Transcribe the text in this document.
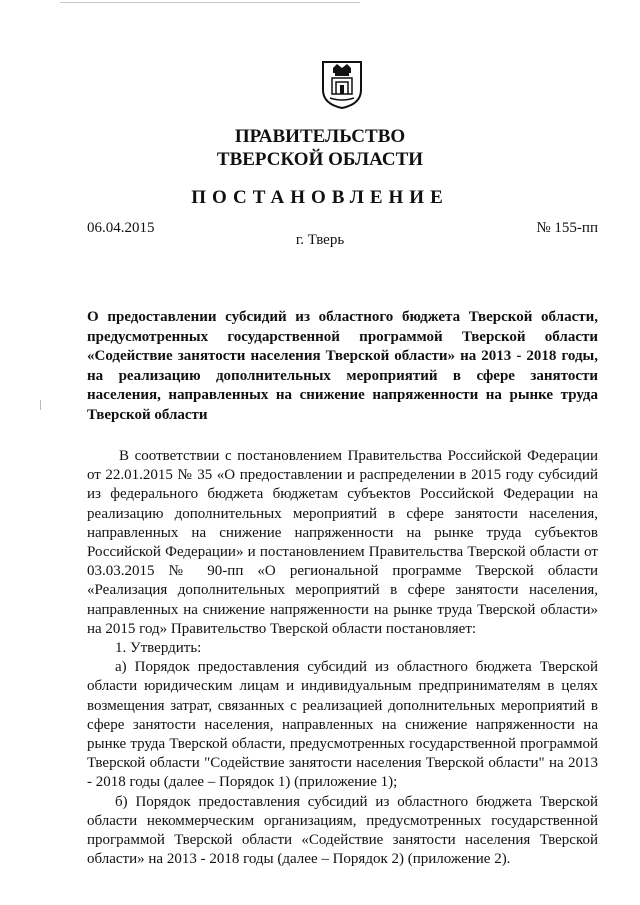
ПРАВИТЕЛЬСТВО
ТВЕРСКОЙ ОБЛАСТИ
ПОСТАНОВЛЕНИЕ
06.04.2015	№ 155-пп
г. Тверь
О предоставлении субсидий из областного бюджета Тверской области, предусмотренных государственной программой Тверской области «Содействие занятости населения Тверской области» на 2013 - 2018 годы, на реализацию дополнительных мероприятий в сфере занятости населения, направленных на снижение напряженности на рынке труда Тверской области

В соответствии с постановлением Правительства Российской Федерации от 22.01.2015 № 35 «О предоставлении и распределении в 2015 году субсидий из федерального бюджета бюджетам субъектов Российской Федерации на реализацию дополнительных мероприятий в сфере занятости населения, направленных на снижение напряженности на рынке труда субъектов Российской Федерации» и постановлением Правительства Тверской области от 03.03.2015 № 90-пп «О региональной программе Тверской области «Реализация дополнительных мероприятий в сфере занятости населения, направленных на снижение напряженности на рынке труда Тверской области» на 2015 год» Правительство Тверской области постановляет:

1. Утвердить:

а) Порядок предоставления субсидий из областного бюджета Тверской области юридическим лицам и индивидуальным предпринимателям в целях возмещения затрат, связанных с реализацией дополнительных мероприятий в сфере занятости населения, направленных на снижение напряженности на рынке труда Тверской области, предусмотренных государственной программой Тверской области "Содействие занятости населения Тверской области" на 2013 - 2018 годы (далее – Порядок 1) (приложение 1);

б) Порядок предоставления субсидий из областного бюджета Тверской области некоммерческим организациям, предусмотренных государственной программой Тверской области «Содействие занятости населения Тверской области» на 2013 - 2018 годы (далее – Порядок 2) (приложение 2).
